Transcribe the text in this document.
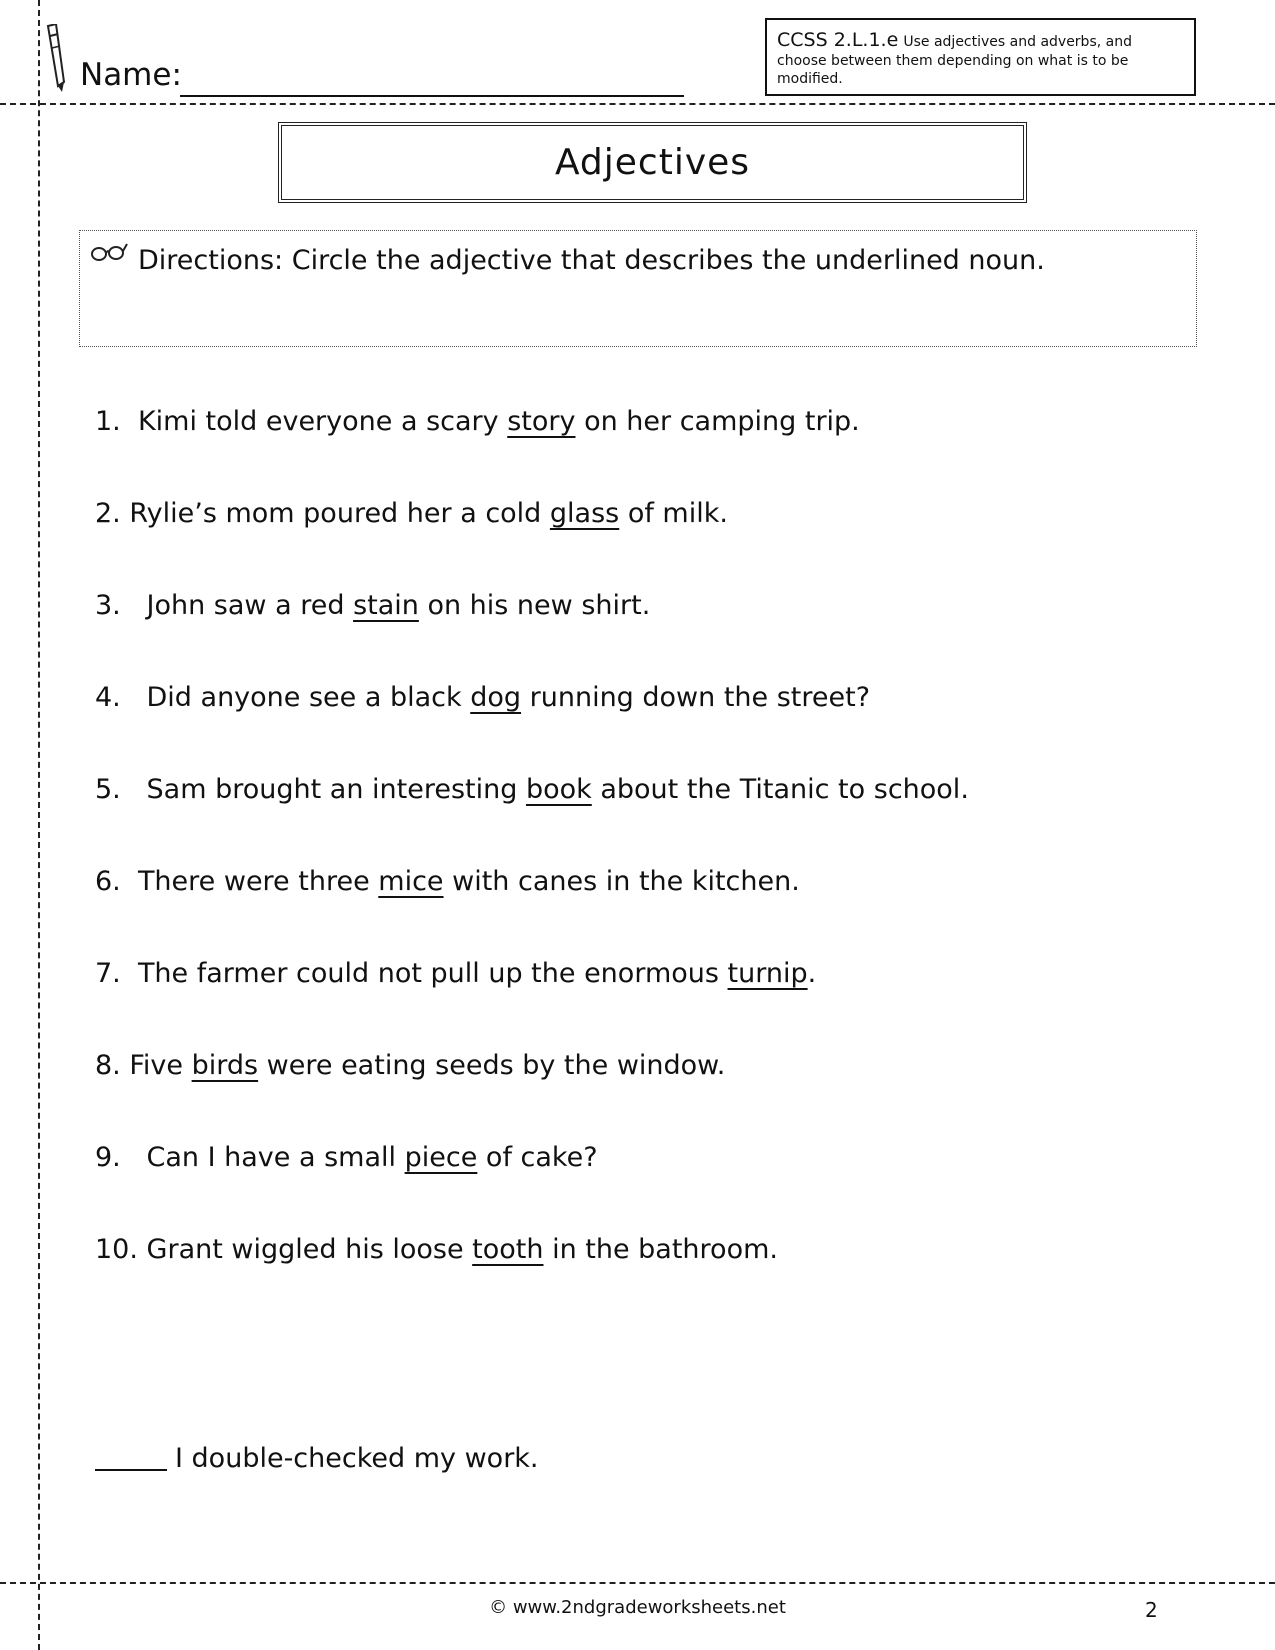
Name:
CCSS 2.L.1.e Use adjectives and adverbs, and choose between them depending on what is to be modified.
Adjectives
Directions: Circle the adjective that describes the underlined noun.
1. Kimi told everyone a scary story on her camping trip.
2. Rylie’s mom poured her a cold glass of milk.
3. John saw a red stain on his new shirt.
4. Did anyone see a black dog running down the street?
5. Sam brought an interesting book about the Titanic to school.
6. There were three mice with canes in the kitchen.
7. The farmer could not pull up the enormous turnip.
8. Five birds were eating seeds by the window.
9. Can I have a small piece of cake?
10. Grant wiggled his loose tooth in the bathroom.
I double-checked my work.
© www.2ndgradeworksheets.net	2
